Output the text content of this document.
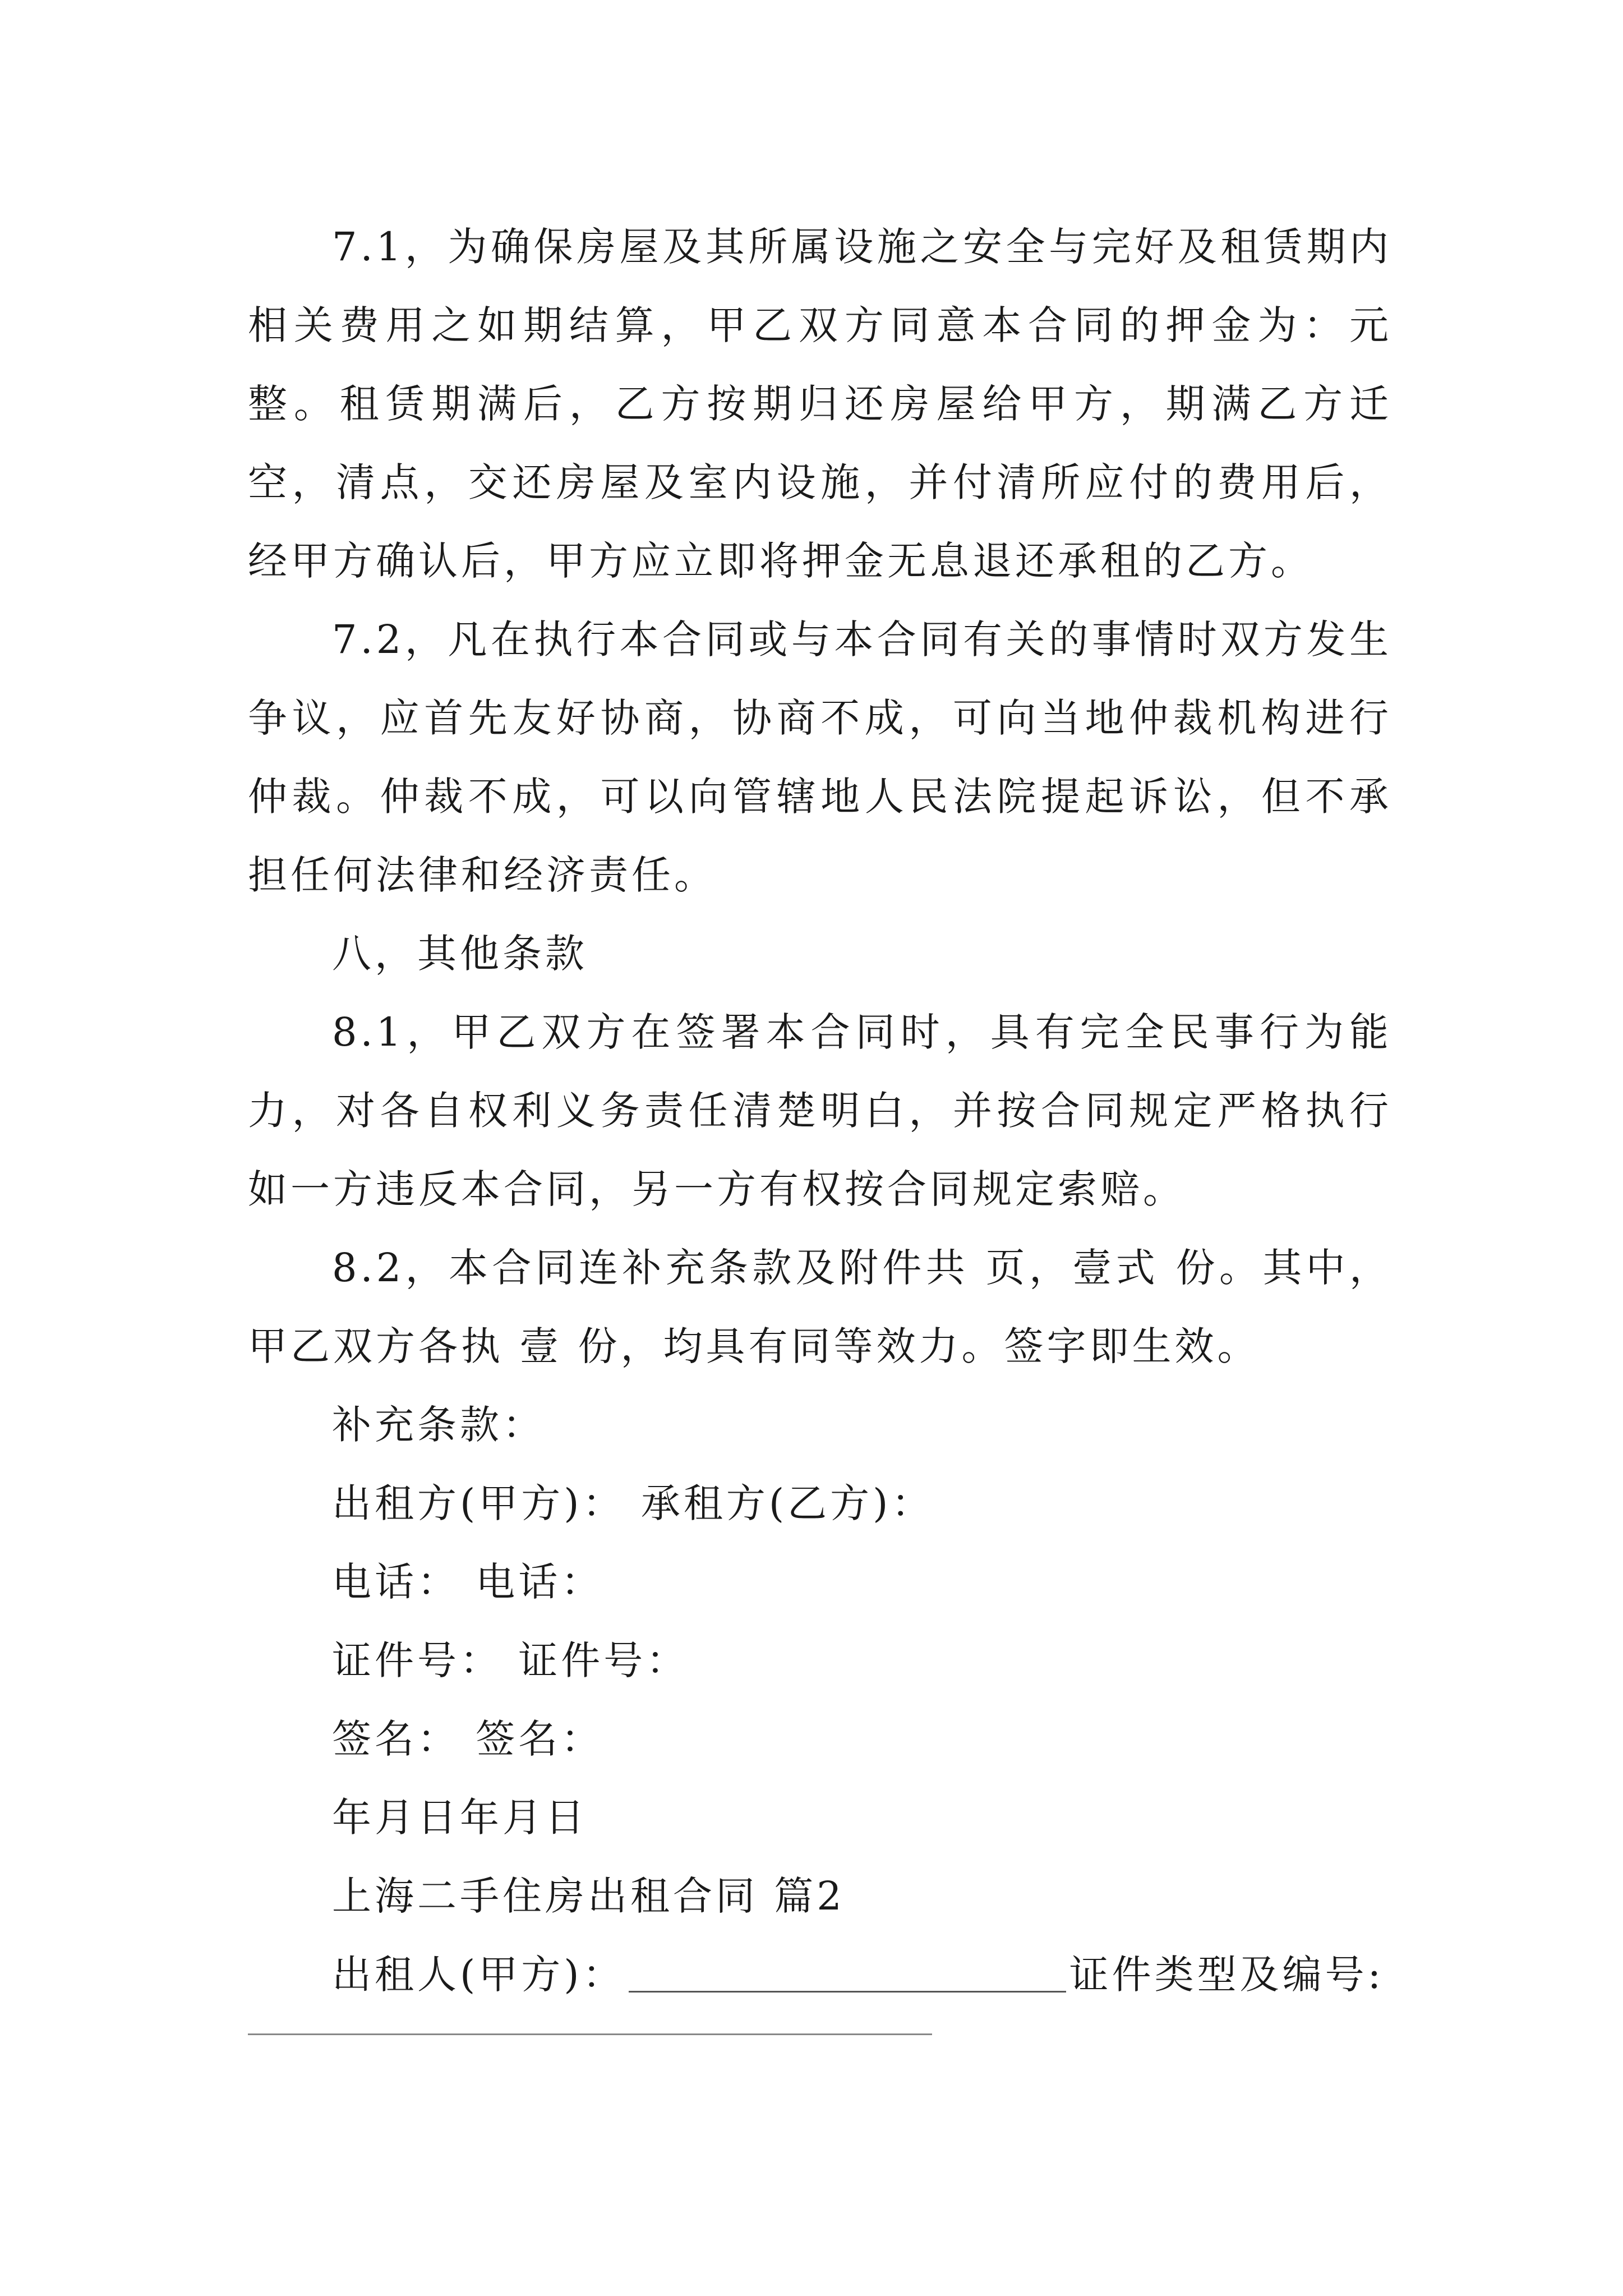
7.1，为确保房屋及其所属设施之安全与完好及租赁期内相关费用之如期结算，甲乙双方同意本合同的押金为：元整。租赁期满后，乙方按期归还房屋给甲方，期满乙方迁空，清点，交还房屋及室内设施，并付清所应付的费用后，经甲方确认后，甲方应立即将押金无息退还承租的乙方。

7.2，凡在执行本合同或与本合同有关的事情时双方发生争议，应首先友好协商，协商不成，可向当地仲裁机构进行仲裁。仲裁不成，可以向管辖地人民法院提起诉讼，但不承担任何法律和经济责任。

八，其他条款

8.1，甲乙双方在签署本合同时，具有完全民事行为能力，对各自权利义务责任清楚明白，并按合同规定严格执行如一方违反本合同，另一方有权按合同规定索赔。

8.2，本合同连补充条款及附件共 页，壹式 份。其中，甲乙双方各执 壹 份，均具有同等效力。签字即生效。

补充条款：

出租方(甲方)： 承租方(乙方)：

电话： 电话：

证件号： 证件号：

签名： 签名：

年月日年月日

上海二手住房出租合同 篇2

出租人(甲方)：	证件类型及编号:
